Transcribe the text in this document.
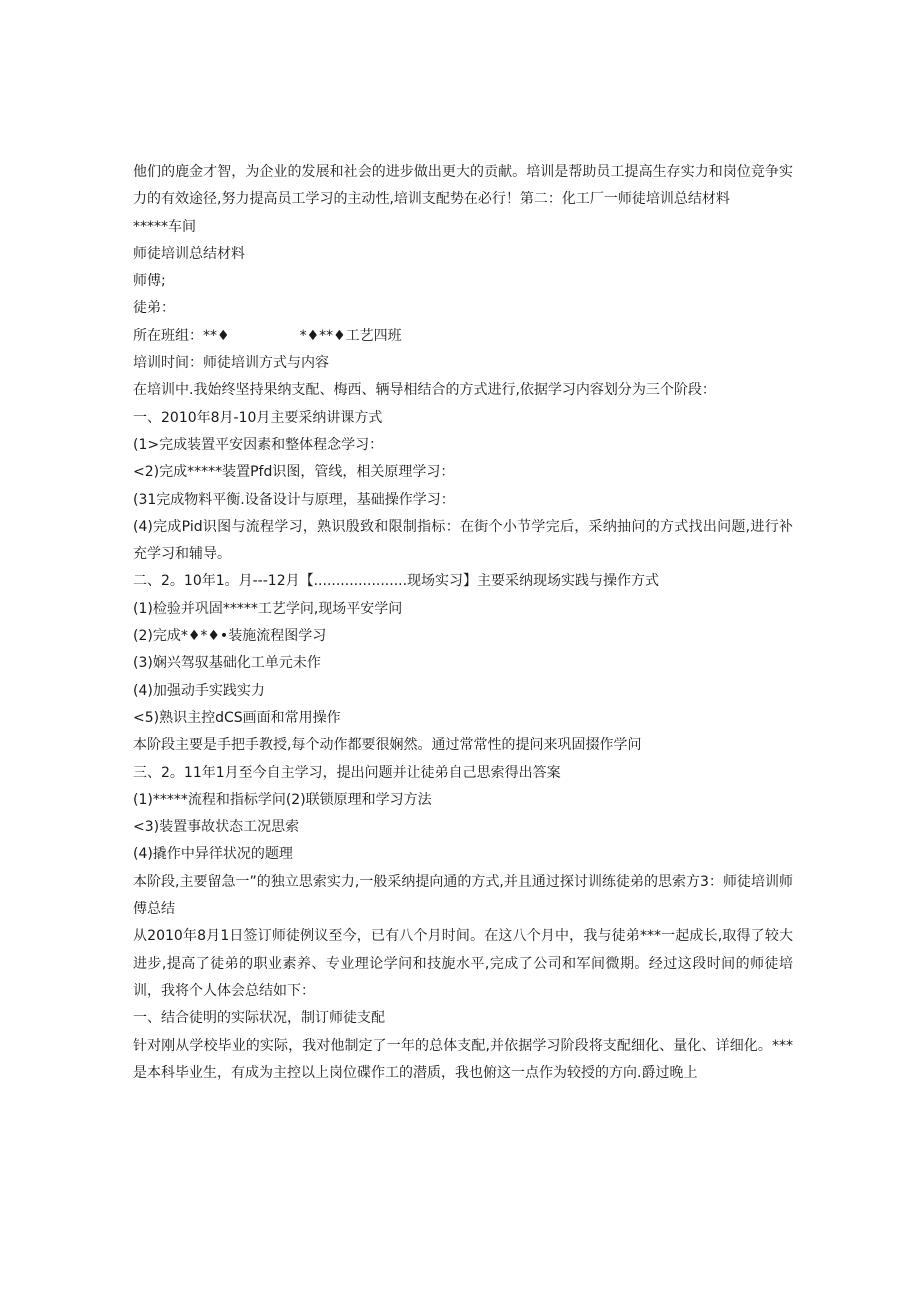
他们的鹿金才智，为企业的发展和社会的进步做出更大的贡献。培训是帮助员工提高生存实力和岗位竞争实力的有效途径,努力提高员工学习的主动性,培训支配势在必行！第二：化工厂一师徒培训总结材料

*****车间

师徒培训总结材料

师傅;

徒弟：

所在班组：**♦	*♦**♦工艺四班

培训时间：师徒培训方式与内容

在培训中.我始终坚持果纳支配、梅西、辆导相结合的方式进行,依据学习内容划分为三个阶段：

一、2010年8月-10月主要采纳讲课方式

(1>完成装置平安因素和整体程念学习：

<2)完成*****装置Pfd识图，管线，相关原理学习：

(31完成物料平衡.设备设计与原理，基础操作学习：

(4)完成Pid识图与流程学习，熟识殷致和限制指标：在街个小节学完后，采纳抽问的方式找出问题,进行补充学习和辅导。

二、2。10年1。月---12月【.....................现场实习】主要采纳现场实践与操作方式

(1)检验并巩固*****工艺学问,现场平安学问

(2)完成*♦*♦•装施流程图学习

(3)娴兴驾驭基础化工单元未作

(4)加强动手实践实力

<5)熟识主控dCS画面和常用操作

本阶段主要是手把手教授,每个动作都要很娴然。通过常常性的提问来巩固掇作学问

三、2。11年1月至今自主学习，提出问题并让徒弟自己思索得出答案

(1)*****流程和指标学问(2)联锁原理和学习方法

<3)装置事故状态工况思索

(4)撬作中异徉状况的题理

本阶段,主要留急一”的独立思索实力,一般采纳提向通的方式,并且通过探讨训练徒弟的思索方3：师徒培训师傅总结

从2010年8月1日签订师徒例议至今，已有八个月时间。在这八个月中，我与徒弟***一起成长,取得了较大进步,提高了徒弟的职业素养、专业理论学问和技旎水平,完成了公司和军间微期。经过这段时间的师徒培训，我将个人体会总结如下：

一、结合徒明的实际状况，制订师徒支配

针对刚从学校毕业的实际，我对他制定了一年的总体支配,并依据学习阶段将支配细化、量化、详细化。***是本科毕业生，有成为主控以上岗位碟作工的潜质，我也俯这一点作为较授的方向.爵过晚上
